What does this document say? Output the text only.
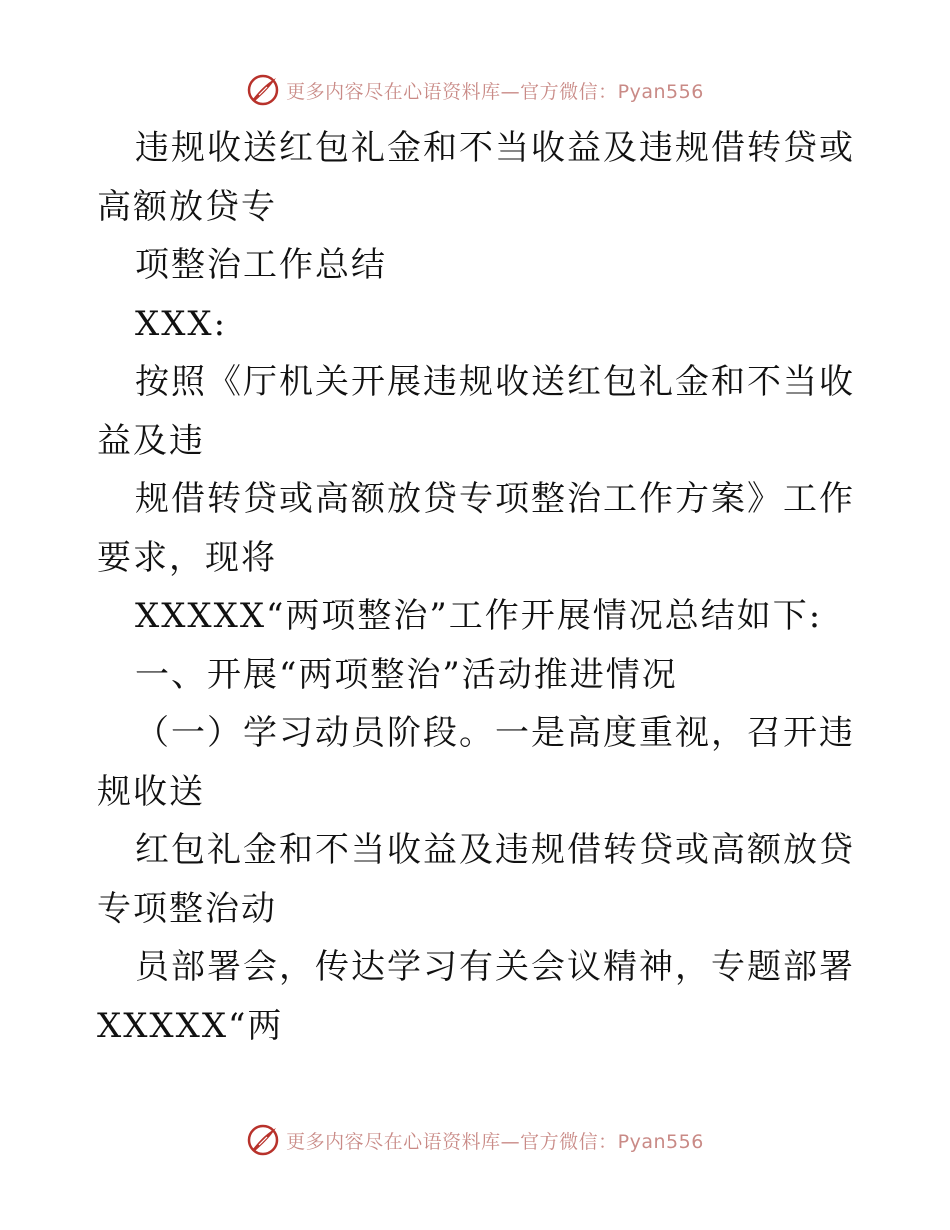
更多内容尽在心语资料库—官方微信：Pyan556
违规收送红包礼金和不当收益及违规借转贷或高额放贷专
项整治工作总结
XXX:
按照《厅机关开展违规收送红包礼金和不当收益及违
规借转贷或高额放贷专项整治工作方案》工作要求，现将
XXXXX“两项整治”工作开展情况总结如下:
一、开展“两项整治”活动推进情况
（一）学习动员阶段。一是高度重视，召开违规收送
红包礼金和不当收益及违规借转贷或高额放贷专项整治动
员部署会，传达学习有关会议精神，专题部署 XXXXX“两
更多内容尽在心语资料库—官方微信：Pyan556
